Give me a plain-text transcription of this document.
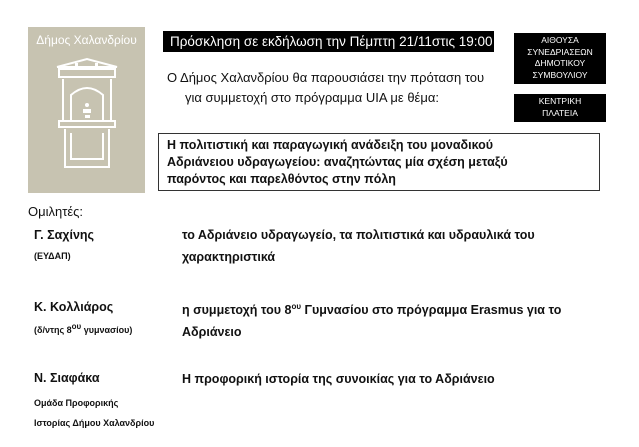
Δήμος Χαλανδρίου	Πρόσκληση σε εκδήλωση την Πέμπτη 21/11στις 19:00
Ο Δήμος Χαλανδρίου θα παρουσιάσει την πρόταση του
για συμμετοχή στο πρόγραμμα UIA με θέμα:
ΑΙΘΟΥΣΑ
ΣΥΝΕΔΡΙΑΣΕΩΝ
ΔΗΜΟΤΙΚΟΥ
ΣΥΜΒΟΥΛΙΟΥ
ΚΕΝΤΡΙΚΗ
ΠΛΑΤΕΙΑ
Η πολιτιστική και παραγωγική ανάδειξη του μοναδικού
Αδριάνειου υδραγωγείου: αναζητώντας μία σχέση μεταξύ
παρόντος και παρελθόντος στην πόλη
Ομιλητές:
Γ. Σαχίνης
(ΕΥΔΑΠ)
το Αδριάνειο υδραγωγείο, τα πολιτιστικά και υδραυλικά του
χαρακτηριστικά
Κ. Κολλιάρος
(δ/ντης $8^{o\upsilon}$ γυμνασίου)
η συμμετοχή του $8^{o\upsilon}$ Γυμνασίου στο πρόγραμμα Erasmus για το
Αδριάνειο
Ν. Σιαφάκα
Ομάδα Προφορικής
Ιστορίας Δήμου Χαλανδρίου
Η προφορική ιστορία της συνοικίας για το Αδριάνειο
